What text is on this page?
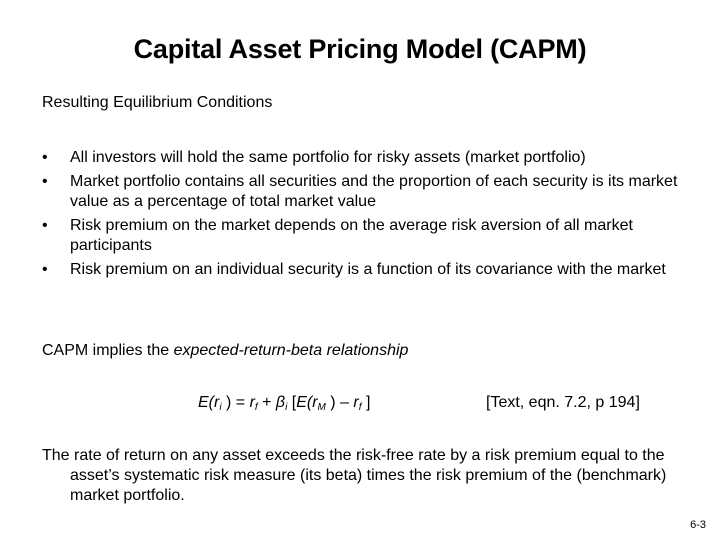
Capital Asset Pricing Model (CAPM)
Resulting Equilibrium Conditions
• All investors will hold the same portfolio for risky assets (market portfolio)
• Market portfolio contains all securities and the proportion of each security is its market value as a percentage of total market value
• Risk premium on the market depends on the average risk aversion of all market participants
• Risk premium on an individual security is a function of its covariance with the market
CAPM implies the expected-return-beta relationship
$E(r_i$ ) = $r_f + \beta_i$ [$E(r_M$ ) – $r_f$ ]	[Text, eqn. 7.2, p 194]
The rate of return on any asset exceeds the risk-free rate by a risk premium equal to the asset’s systematic risk measure (its beta) times the risk premium of the (benchmark) market portfolio.
6-3
